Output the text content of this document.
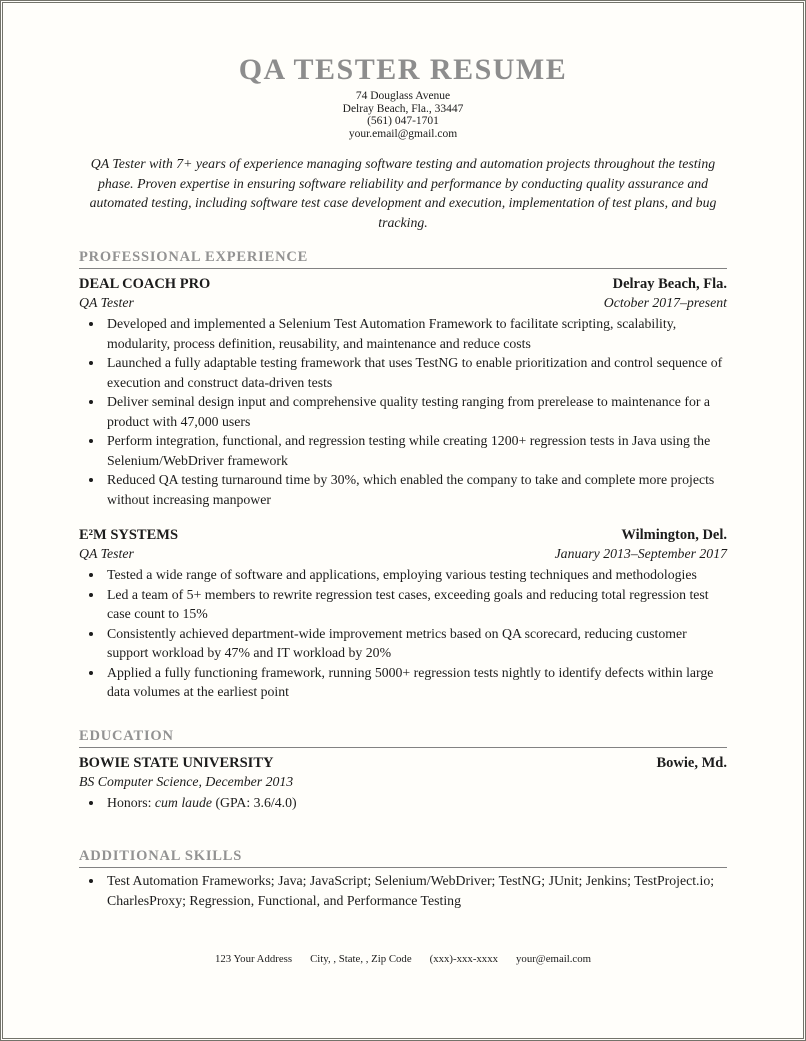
QA TESTER RESUME
74 Douglass Avenue
Delray Beach, Fla., 33447
(561) 047-1701
your.email@gmail.com
QA Tester with 7+ years of experience managing software testing and automation projects throughout the testing phase. Proven expertise in ensuring software reliability and performance by conducting quality assurance and automated testing, including software test case development and execution, implementation of test plans, and bug tracking.
PROFESSIONAL EXPERIENCE
DEAL COACH PRO	Delray Beach, Fla.
QA Tester	October 2017–present
• Developed and implemented a Selenium Test Automation Framework to facilitate scripting, scalability, modularity, process definition, reusability, and maintenance and reduce costs
• Launched a fully adaptable testing framework that uses TestNG to enable prioritization and control sequence of execution and construct data-driven tests
• Deliver seminal design input and comprehensive quality testing ranging from prerelease to maintenance for a product with 47,000 users
• Perform integration, functional, and regression testing while creating 1200+ regression tests in Java using the Selenium/WebDriver framework
• Reduced QA testing turnaround time by 30%, which enabled the company to take and complete more projects without increasing manpower
E²M SYSTEMS	Wilmington, Del.
QA Tester	January 2013–September 2017
• Tested a wide range of software and applications, employing various testing techniques and methodologies
• Led a team of 5+ members to rewrite regression test cases, exceeding goals and reducing total regression test case count to 15%
• Consistently achieved department-wide improvement metrics based on QA scorecard, reducing customer support workload by 47% and IT workload by 20%
• Applied a fully functioning framework, running 5000+ regression tests nightly to identify defects within large data volumes at the earliest point
EDUCATION
BOWIE STATE UNIVERSITY	Bowie, Md.
BS Computer Science, December 2013
• Honors: cum laude (GPA: 3.6/4.0)
ADDITIONAL SKILLS
• Test Automation Frameworks; Java; JavaScript; Selenium/WebDriver; TestNG; JUnit; Jenkins; TestProject.io; CharlesProxy; Regression, Functional, and Performance Testing
123 Your Address City, , State, , Zip Code (xxx)-xxx-xxxx your@email.com
